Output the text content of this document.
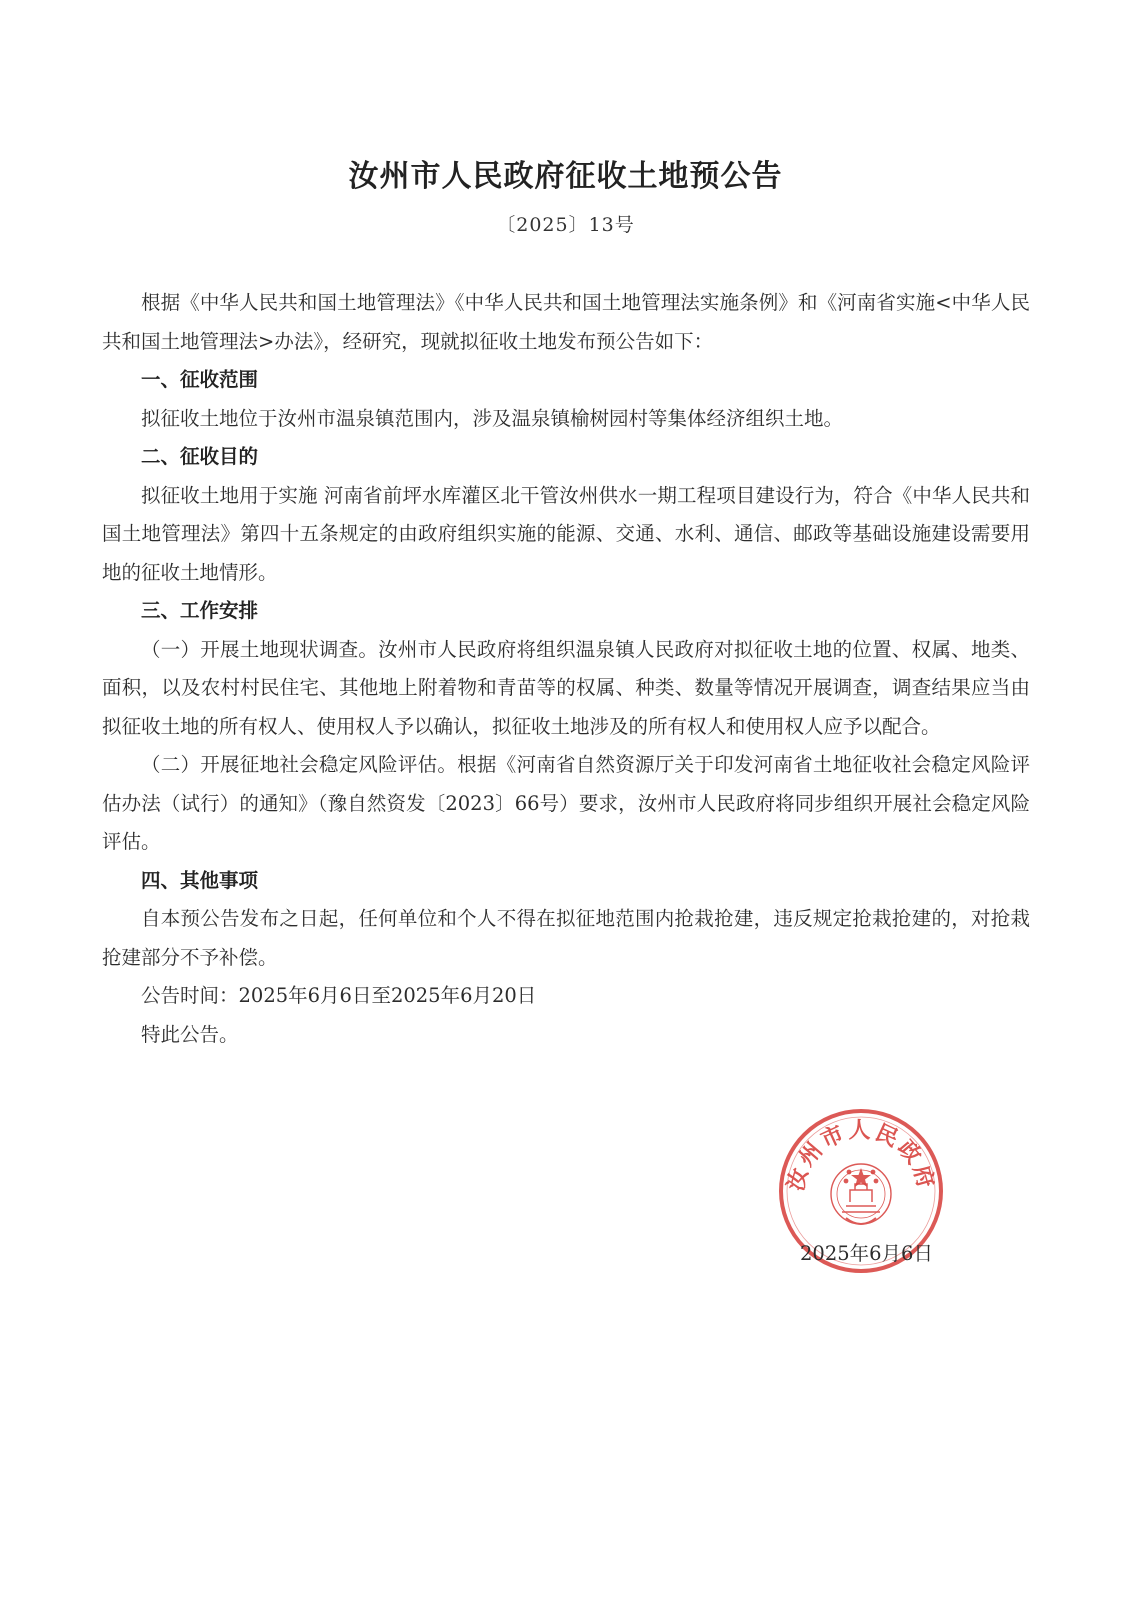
汝州市人民政府征收土地预公告
〔2025〕13号

根据《中华人民共和国土地管理法》《中华人民共和国土地管理法实施条例》和《河南省实施<中华人民共和国土地管理法>办法》，经研究，现就拟征收土地发布预公告如下：

一、征收范围

拟征收土地位于汝州市温泉镇范围内，涉及温泉镇榆树园村等集体经济组织土地。

二、征收目的

拟征收土地用于实施 河南省前坪水库灌区北干管汝州供水一期工程项目建设行为，符合《中华人民共和国土地管理法》第四十五条规定的由政府组织实施的能源、交通、水利、通信、邮政等基础设施建设需要用地的征收土地情形。

三、工作安排

（一）开展土地现状调查。汝州市人民政府将组织温泉镇人民政府对拟征收土地的位置、权属、地类、面积，以及农村村民住宅、其他地上附着物和青苗等的权属、种类、数量等情况开展调查，调查结果应当由拟征收土地的所有权人、使用权人予以确认，拟征收土地涉及的所有权人和使用权人应予以配合。

（二）开展征地社会稳定风险评估。根据《河南省自然资源厅关于印发河南省土地征收社会稳定风险评估办法（试行）的通知》（豫自然资发〔2023〕66号）要求，汝州市人民政府将同步组织开展社会稳定风险评估。

四、其他事项

自本预公告发布之日起，任何单位和个人不得在拟征地范围内抢栽抢建，违反规定抢栽抢建的，对抢栽抢建部分不予补偿。

公告时间：2025年6月6日至2025年6月20日

特此公告。

汝州市人民政府
2025年6月6日
